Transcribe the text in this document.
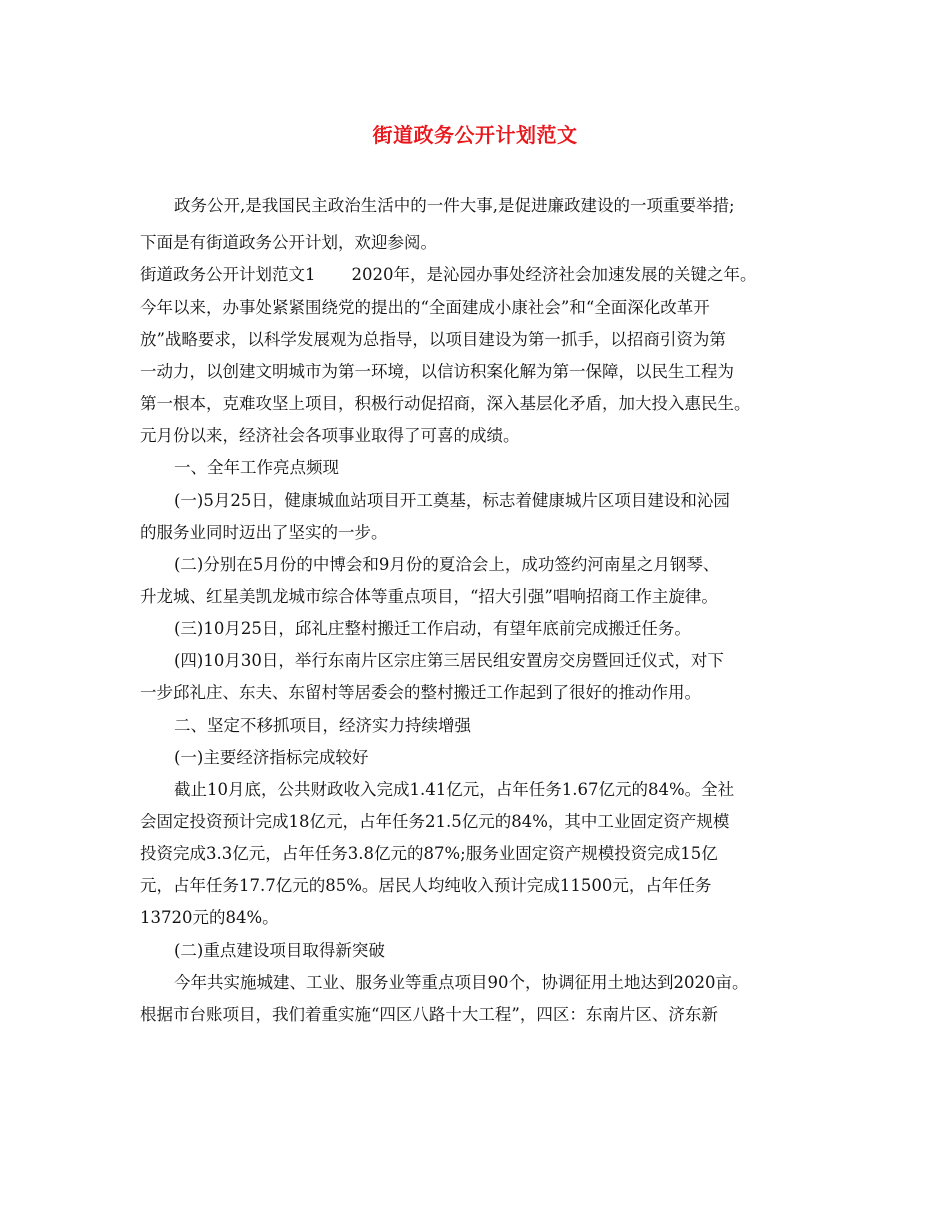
街道政务公开计划范文
政务公开,是我国民主政治生活中的一件大事,是促进廉政建设的一项重要举措;
下面是有街道政务公开计划，欢迎参阅。
街道政务公开计划范文1 2020年，是沁园办事处经济社会加速发展的关键之年。
今年以来，办事处紧紧围绕党的提出的“全面建成小康社会”和“全面深化改革开
放”战略要求，以科学发展观为总指导，以项目建设为第一抓手，以招商引资为第
一动力，以创建文明城市为第一环境，以信访积案化解为第一保障，以民生工程为
第一根本，克难攻坚上项目，积极行动促招商，深入基层化矛盾，加大投入惠民生。
元月份以来，经济社会各项事业取得了可喜的成绩。
一、全年工作亮点频现
(一)5月25日，健康城血站项目开工奠基，标志着健康城片区项目建设和沁园
的服务业同时迈出了坚实的一步。
(二)分别在5月份的中博会和9月份的夏洽会上，成功签约河南星之月钢琴、
升龙城、红星美凯龙城市综合体等重点项目，“招大引强”唱响招商工作主旋律。
(三)10月25日，邱礼庄整村搬迁工作启动，有望年底前完成搬迁任务。
(四)10月30日，举行东南片区宗庄第三居民组安置房交房暨回迁仪式，对下
一步邱礼庄、东夫、东留村等居委会的整村搬迁工作起到了很好的推动作用。
二、坚定不移抓项目，经济实力持续增强
(一)主要经济指标完成较好
截止10月底，公共财政收入完成1.41亿元，占年任务1.67亿元的84%。全社
会固定投资预计完成18亿元，占年任务21.5亿元的84%，其中工业固定资产规模
投资完成3.3亿元，占年任务3.8亿元的87%;服务业固定资产规模投资完成15亿
元，占年任务17.7亿元的85%。居民人均纯收入预计完成11500元，占年任务
13720元的84%。
(二)重点建设项目取得新突破
今年共实施城建、工业、服务业等重点项目90个，协调征用土地达到2020亩。
根据市台账项目，我们着重实施“四区八路十大工程”，四区：东南片区、济东新
